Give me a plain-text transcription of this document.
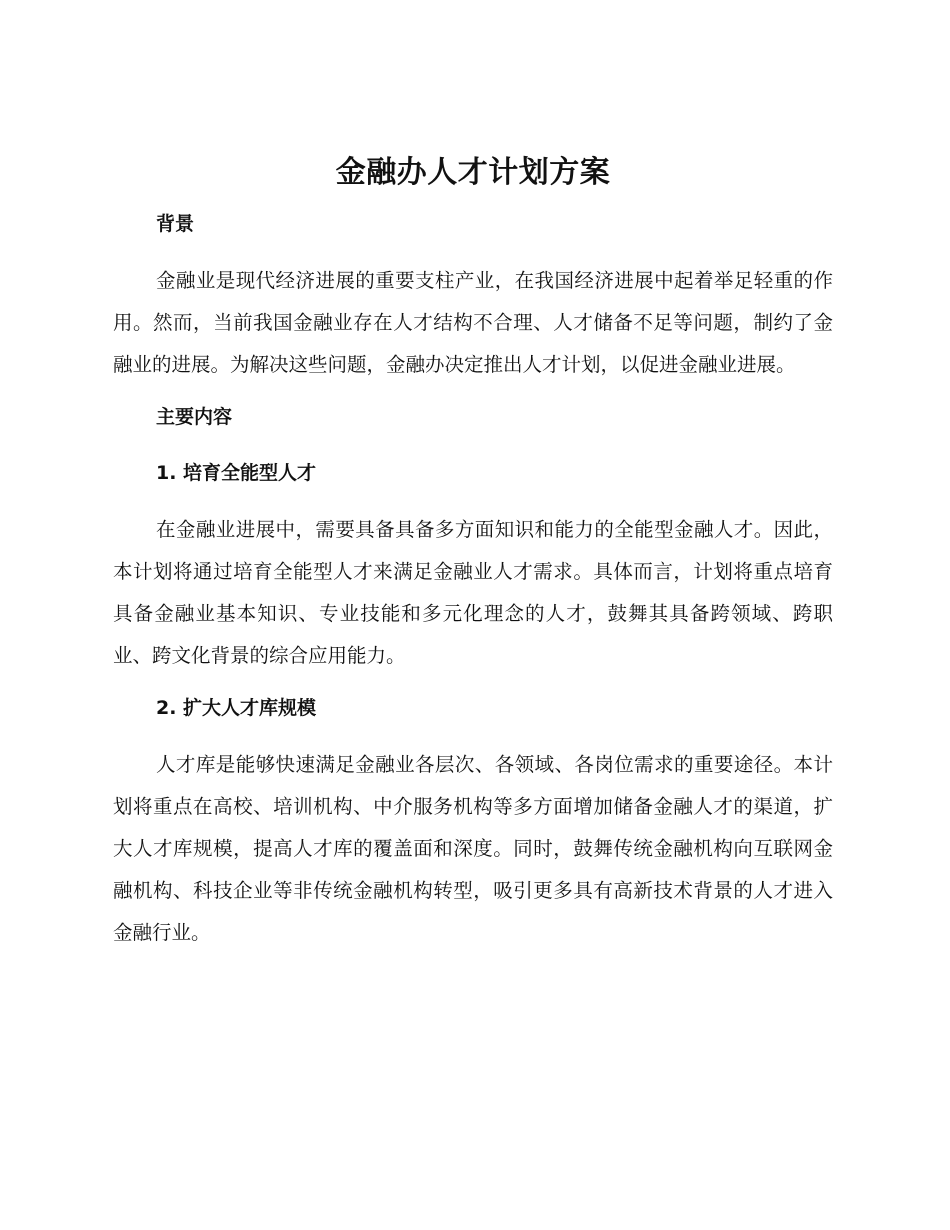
金融办人才计划方案
背景

金融业是现代经济进展的重要支柱产业，在我国经济进展中起着举足轻重的作用。然而，当前我国金融业存在人才结构不合理、人才储备不足等问题，制约了金融业的进展。为解决这些问题，金融办决定推出人才计划，以促进金融业进展。

主要内容
1. 培育全能型人才

在金融业进展中，需要具备具备多方面知识和能力的全能型金融人才。因此，本计划将通过培育全能型人才来满足金融业人才需求。具体而言，计划将重点培育具备金融业基本知识、专业技能和多元化理念的人才，鼓舞其具备跨领域、跨职业、跨文化背景的综合应用能力。

2. 扩大人才库规模

人才库是能够快速满足金融业各层次、各领域、各岗位需求的重要途径。本计划将重点在高校、培训机构、中介服务机构等多方面增加储备金融人才的渠道，扩大人才库规模，提高人才库的覆盖面和深度。同时，鼓舞传统金融机构向互联网金融机构、科技企业等非传统金融机构转型，吸引更多具有高新技术背景的人才进入金融行业。
